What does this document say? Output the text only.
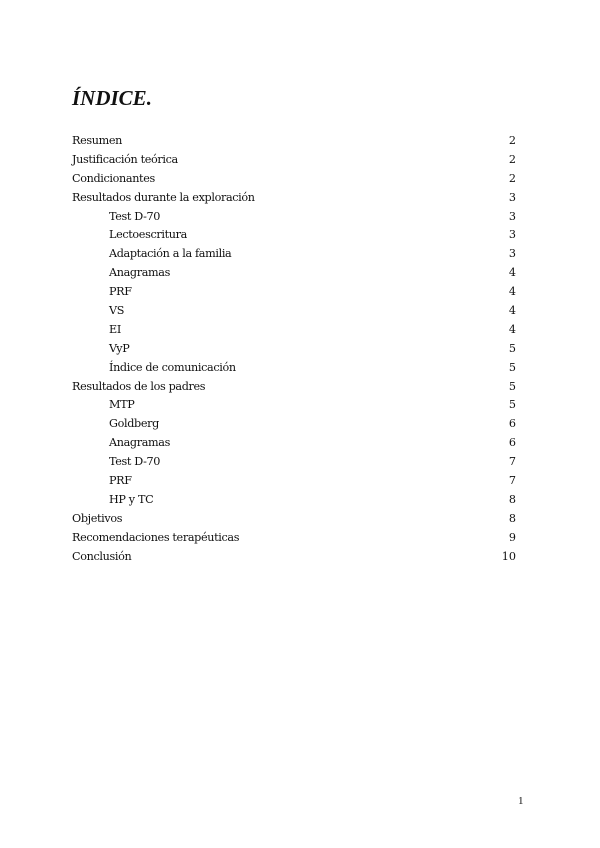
ÍNDICE.
Resumen	2
Justificación teórica	2
Condicionantes	2
Resultados durante la exploración	3
Test D-70	3
Lectoescritura	3
Adaptación a la familia	3
Anagramas	4
PRF	4
VS	4
EI	4
VyP	5
Índice de comunicación	5
Resultados de los padres	5
MTP	5
Goldberg	6
Anagramas	6
Test D-70	7
PRF	7
HP y TC	8
Objetivos	8
Recomendaciones terapéuticas	9
Conclusión	10
1
